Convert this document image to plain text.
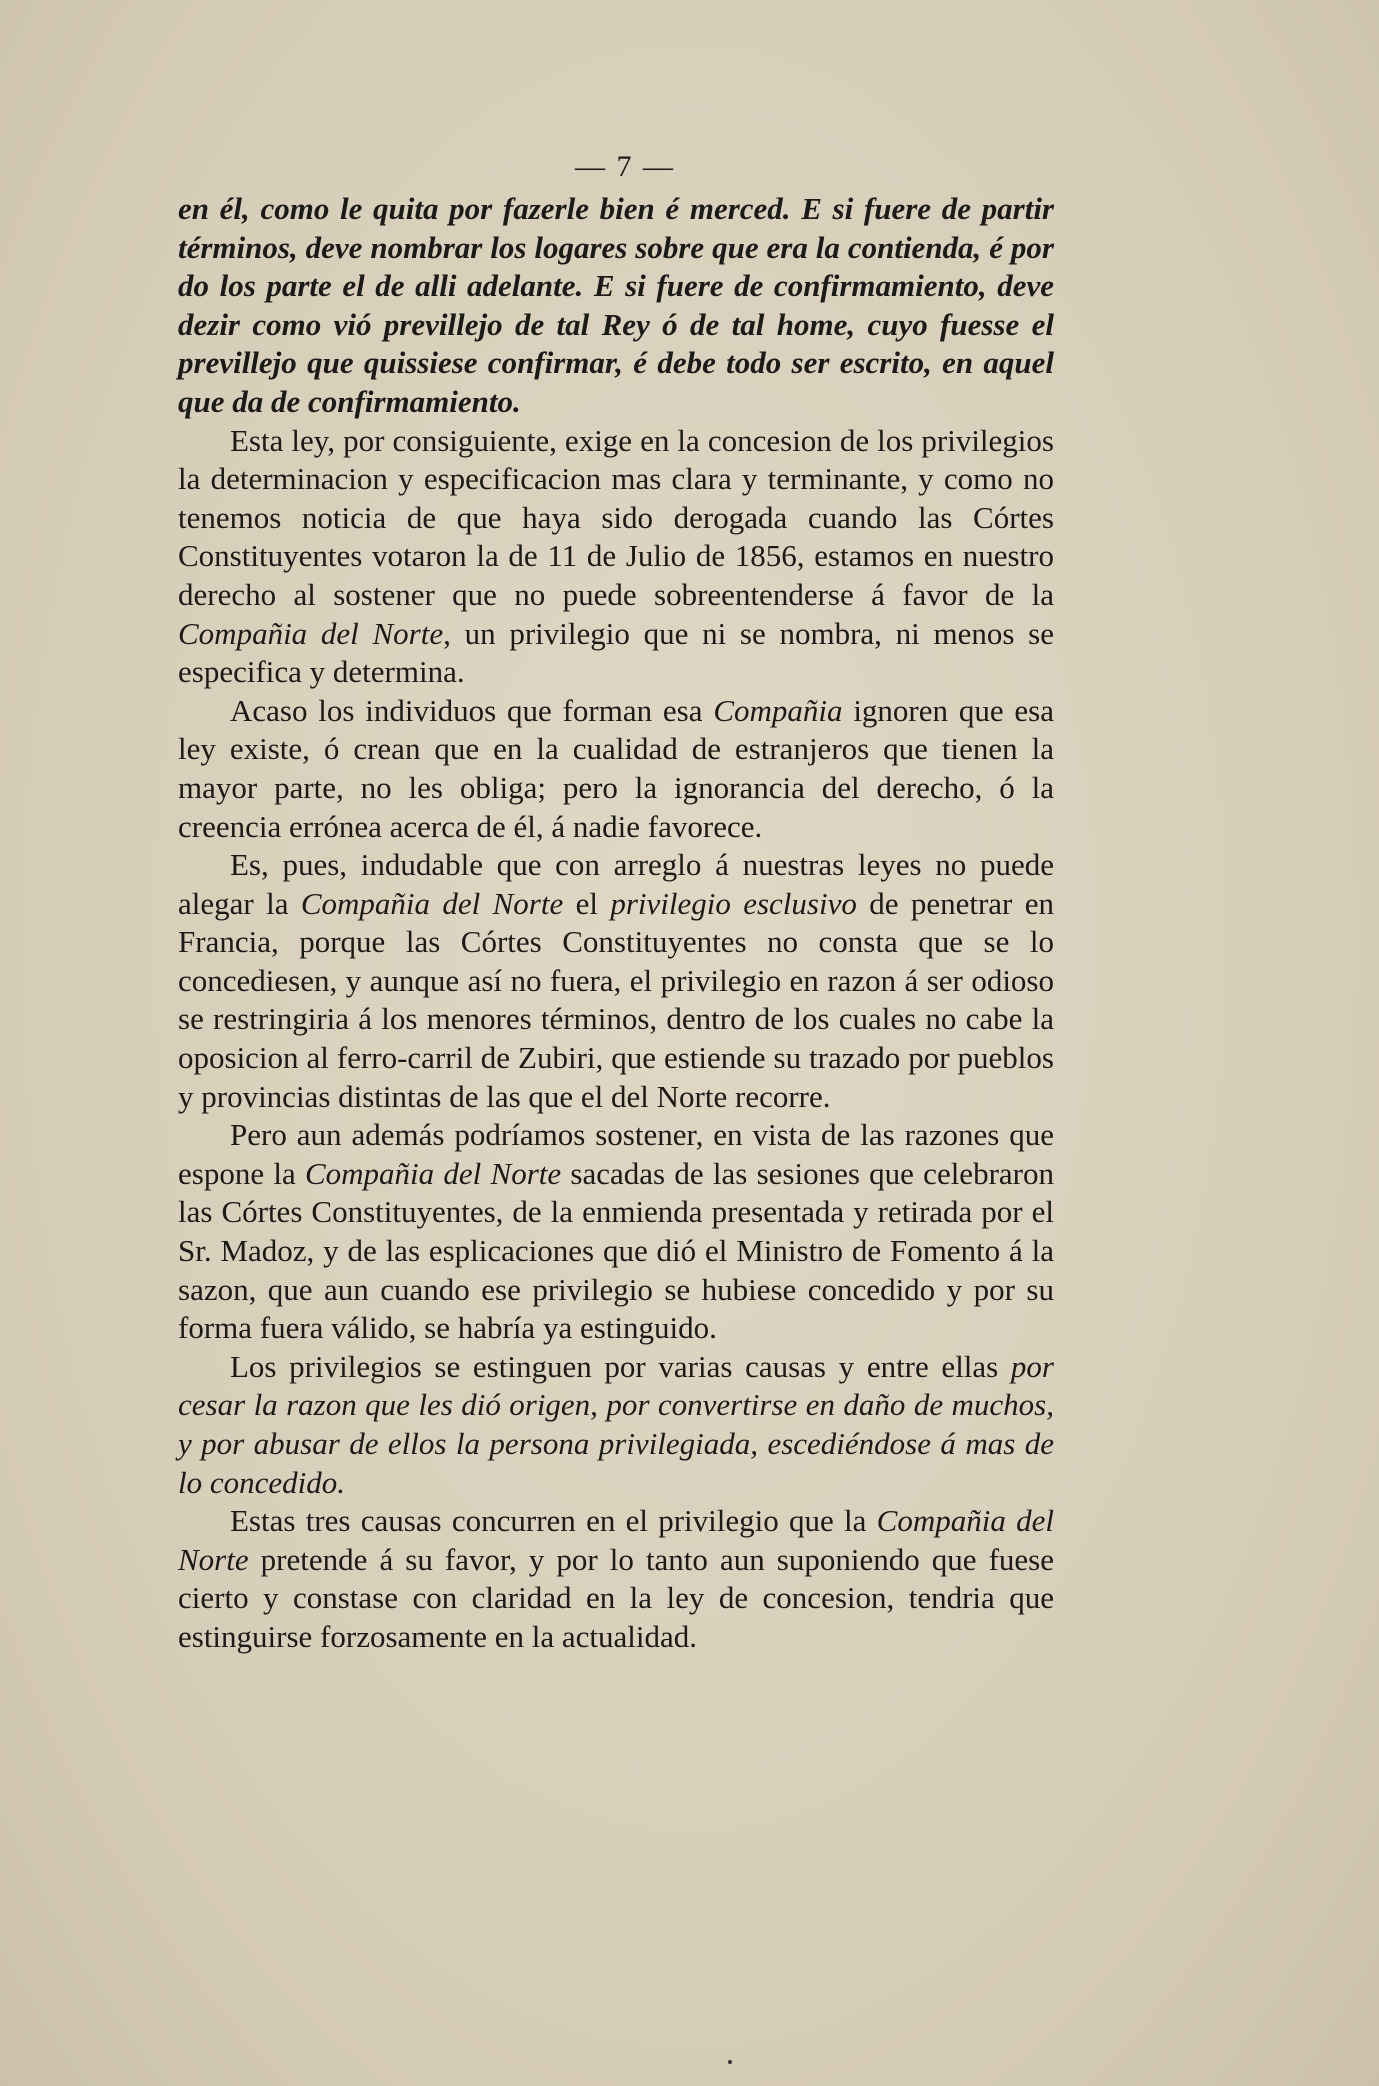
— 7 —

en él, como le quita por fazerle bien é merced. E si fuere de partir términos, deve nombrar los logares sobre que era la contienda, é por do los parte el de alli adelante. E si fuere de confirmamiento, deve dezir como vió previllejo de tal Rey ó de tal home, cuyo fuesse el previllejo que quissiese confirmar, é debe todo ser escrito, en aquel que da de confirmamiento.

Esta ley, por consiguiente, exige en la concesion de los privilegios la determinacion y especificacion mas clara y terminante, y como no tenemos noticia de que haya sido derogada cuando las Córtes Constituyentes votaron la de 11 de Julio de 1856, estamos en nuestro derecho al sostener que no puede sobreentenderse á favor de la Compañia del Norte, un privilegio que ni se nombra, ni menos se especifica y determina.

Acaso los individuos que forman esa Compañia ignoren que esa ley existe, ó crean que en la cualidad de estranjeros que tienen la mayor parte, no les obliga; pero la ignorancia del derecho, ó la creencia errónea acerca de él, á nadie favorece.

Es, pues, indudable que con arreglo á nuestras leyes no puede alegar la Compañia del Norte el privilegio esclusivo de penetrar en Francia, porque las Córtes Constituyentes no consta que se lo concediesen, y aunque así no fuera, el privilegio en razon á ser odioso se restringiria á los menores términos, dentro de los cuales no cabe la oposicion al ferro-carril de Zubiri, que estiende su trazado por pueblos y provincias distintas de las que el del Norte recorre.

Pero aun además podríamos sostener, en vista de las razones que espone la Compañia del Norte sacadas de las sesiones que celebraron las Córtes Constituyentes, de la enmienda presentada y retirada por el Sr. Madoz, y de las esplicaciones que dió el Ministro de Fomento á la sazon, que aun cuando ese privilegio se hubiese concedido y por su forma fuera válido, se habría ya estinguido.

Los privilegios se estinguen por varias causas y entre ellas por cesar la razon que les dió origen, por convertirse en daño de muchos, y por abusar de ellos la persona privilegiada, escediéndose á mas de lo concedido.

Estas tres causas concurren en el privilegio que la Compañia del Norte pretende á su favor, y por lo tanto aun suponiendo que fuese cierto y constase con claridad en la ley de concesion, tendria que estinguirse forzosamente en la actualidad.
